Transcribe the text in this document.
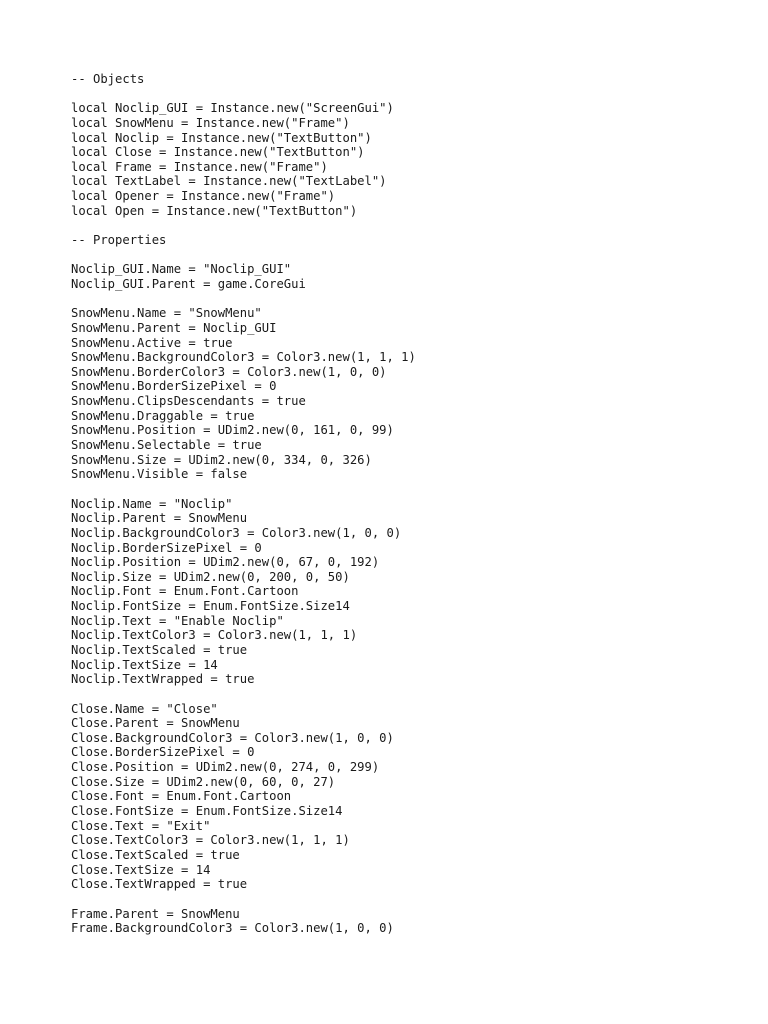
-- Objects
local Noclip_GUI = Instance.new("ScreenGui")
local SnowMenu = Instance.new("Frame")
local Noclip = Instance.new("TextButton")
local Close = Instance.new("TextButton")
local Frame = Instance.new("Frame")
local TextLabel = Instance.new("TextLabel")
local Opener = Instance.new("Frame")
local Open = Instance.new("TextButton")
-- Properties
Noclip_GUI.Name = "Noclip_GUI"
Noclip_GUI.Parent = game.CoreGui
SnowMenu.Name = "SnowMenu"
SnowMenu.Parent = Noclip_GUI
SnowMenu.Active = true
SnowMenu.BackgroundColor3 = Color3.new(1, 1, 1)
SnowMenu.BorderColor3 = Color3.new(1, 0, 0)
SnowMenu.BorderSizePixel = 0
SnowMenu.ClipsDescendants = true
SnowMenu.Draggable = true
SnowMenu.Position = UDim2.new(0, 161, 0, 99)
SnowMenu.Selectable = true
SnowMenu.Size = UDim2.new(0, 334, 0, 326)
SnowMenu.Visible = false
Noclip.Name = "Noclip"
Noclip.Parent = SnowMenu
Noclip.BackgroundColor3 = Color3.new(1, 0, 0)
Noclip.BorderSizePixel = 0
Noclip.Position = UDim2.new(0, 67, 0, 192)
Noclip.Size = UDim2.new(0, 200, 0, 50)
Noclip.Font = Enum.Font.Cartoon
Noclip.FontSize = Enum.FontSize.Size14
Noclip.Text = "Enable Noclip"
Noclip.TextColor3 = Color3.new(1, 1, 1)
Noclip.TextScaled = true
Noclip.TextSize = 14
Noclip.TextWrapped = true
Close.Name = "Close"
Close.Parent = SnowMenu
Close.BackgroundColor3 = Color3.new(1, 0, 0)
Close.BorderSizePixel = 0
Close.Position = UDim2.new(0, 274, 0, 299)
Close.Size = UDim2.new(0, 60, 0, 27)
Close.Font = Enum.Font.Cartoon
Close.FontSize = Enum.FontSize.Size14
Close.Text = "Exit"
Close.TextColor3 = Color3.new(1, 1, 1)
Close.TextScaled = true
Close.TextSize = 14
Close.TextWrapped = true
Frame.Parent = SnowMenu
Frame.BackgroundColor3 = Color3.new(1, 0, 0)
